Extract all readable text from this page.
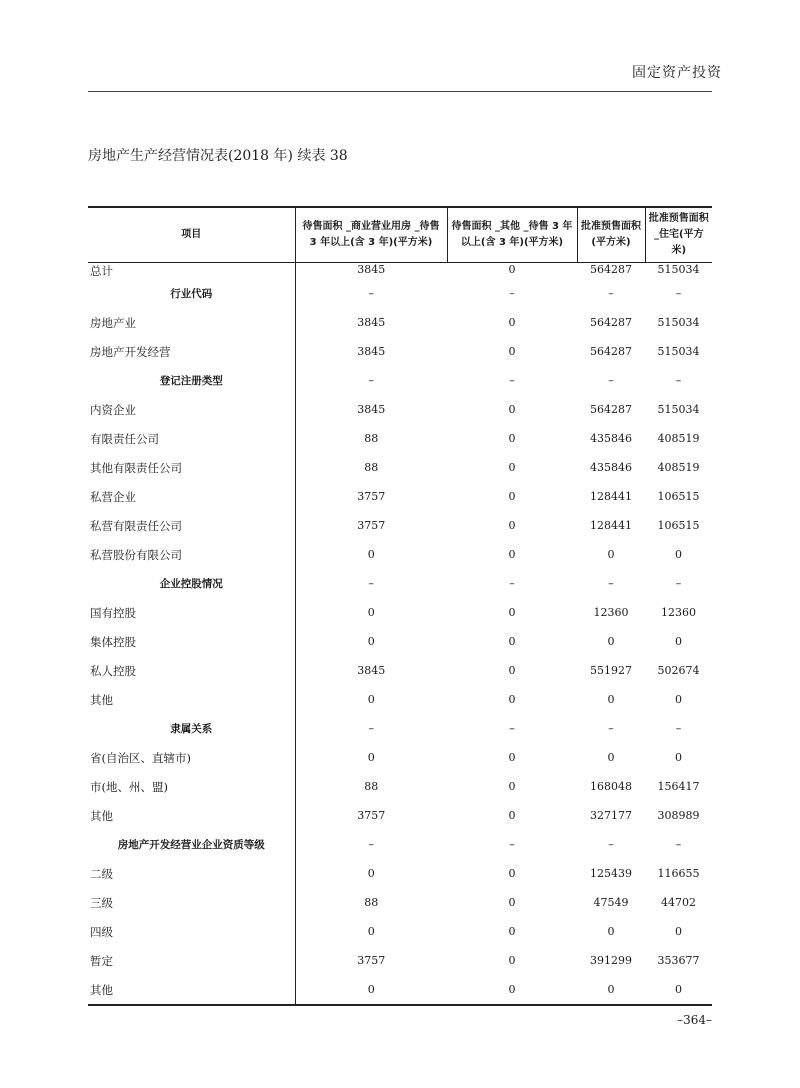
固定资产投资
房地产生产经营情况表(2018 年) 续表 38
项目	待售面积 _商业营业用房 _待售 3 年以上(含 3 年)(平方米)	待售面积 _其他 _待售 3 年以上(含 3 年)(平方米)	批准预售面积(平方米)	批准预售面积 _住宅(平方米)
总计	3845	0	564287	515034
行业代码	–	–	–	–
房地产业	3845	0	564287	515034
房地产开发经营	3845	0	564287	515034
登记注册类型	–	–	–	–
内资企业	3845	0	564287	515034
有限责任公司	88	0	435846	408519
其他有限责任公司	88	0	435846	408519
私营企业	3757	0	128441	106515
私营有限责任公司	3757	0	128441	106515
私营股份有限公司	0	0	0	0
企业控股情况	–	–	–	–
国有控股	0	0	12360	12360
集体控股	0	0	0	0
私人控股	3845	0	551927	502674
其他	0	0	0	0
隶属关系	–	–	–	–
省(自治区、直辖市)	0	0	0	0
市(地、州、盟)	88	0	168048	156417
其他	3757	0	327177	308989
房地产开发经营业企业资质等级	–	–	–	–
二级	0	0	125439	116655
三级	88	0	47549	44702
四级	0	0	0	0
暂定	3757	0	391299	353677
其他	0	0	0	0
–364–
